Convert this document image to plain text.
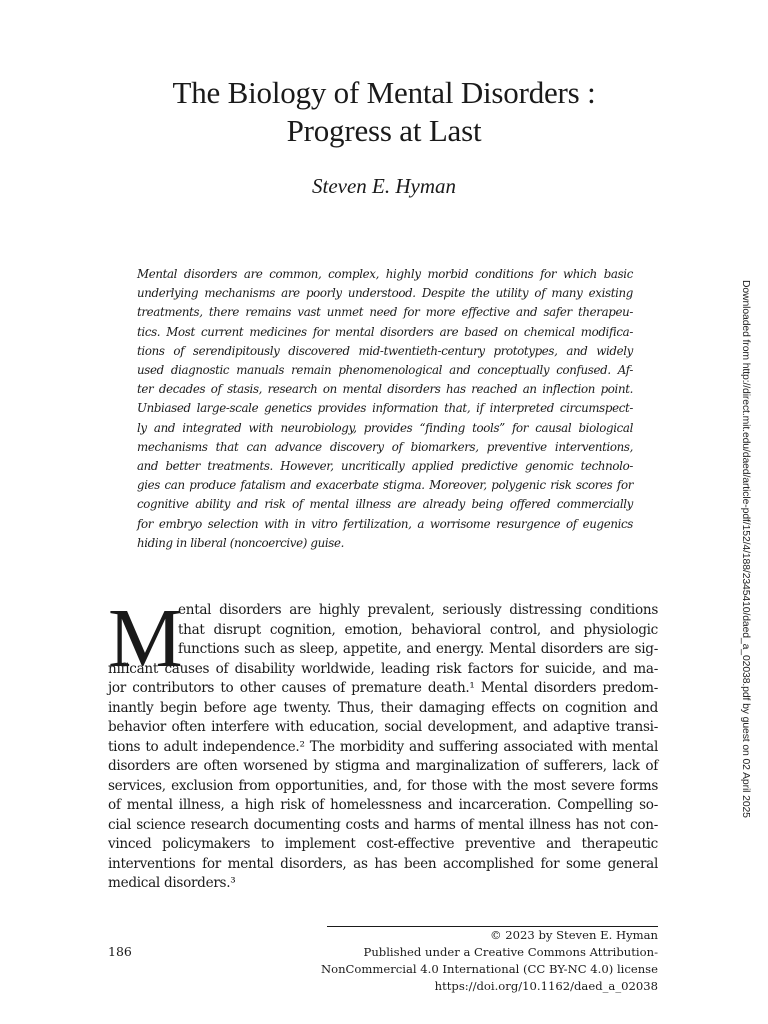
The Biology of Mental Disorders :
Progress at Last

Steven E. Hyman

Mental disorders are common, complex, highly morbid conditions for which basic
underlying mechanisms are poorly understood. Despite the utility of many existing
treatments, there remains vast unmet need for more effective and safer therapeu-
tics. Most current medicines for mental disorders are based on chemical modifica-
tions of serendipitously discovered mid-twentieth-century prototypes, and widely
used diagnostic manuals remain phenomenological and conceptually confused. Af-
ter decades of stasis, research on mental disorders has reached an inflection point.
Unbiased large-scale genetics provides information that, if interpreted circumspect-
ly and integrated with neurobiology, provides “finding tools” for causal biological
mechanisms that can advance discovery of biomarkers, preventive interventions,
and better treatments. However, uncritically applied predictive genomic technolo-
gies can produce fatalism and exacerbate stigma. Moreover, polygenic risk scores for
cognitive ability and risk of mental illness are already being offered commercially
for embryo selection with in vitro fertilization, a worrisome resurgence of eugenics
hiding in liberal (noncoercive) guise.	Downloaded from http://direct.mit.edu/daed/article-pdf/152/4/188/2345410/daed_a_02038.pdf by guest on 02 April 2025
M
ental disorders are highly prevalent, seriously distressing conditions
that disrupt cognition, emotion, behavioral control, and physiologic
functions such as sleep, appetite, and energy. Mental disorders are sig-
nificant causes of disability worldwide, leading risk factors for suicide, and ma-
jor contributors to other causes of premature death.¹ Mental disorders predom-
inantly begin before age twenty. Thus, their damaging effects on cognition and
behavior often interfere with education, social development, and adaptive transi-
tions to adult independence.² The morbidity and suffering associated with mental
disorders are often worsened by stigma and marginalization of sufferers, lack of
services, exclusion from opportunities, and, for those with the most severe forms
of mental illness, a high risk of homelessness and incarceration. Compelling so-
cial science research documenting costs and harms of mental illness has not con-
vinced policymakers to implement cost-effective preventive and therapeutic
interventions for mental disorders, as has been accomplished for some general
medical disorders.³
186
© 2023 by Steven E. Hyman
Published under a Creative Commons Attribution-
NonCommercial 4.0 International (CC BY-NC 4.0) license
https://doi.org/10.1162/daed_a_02038
